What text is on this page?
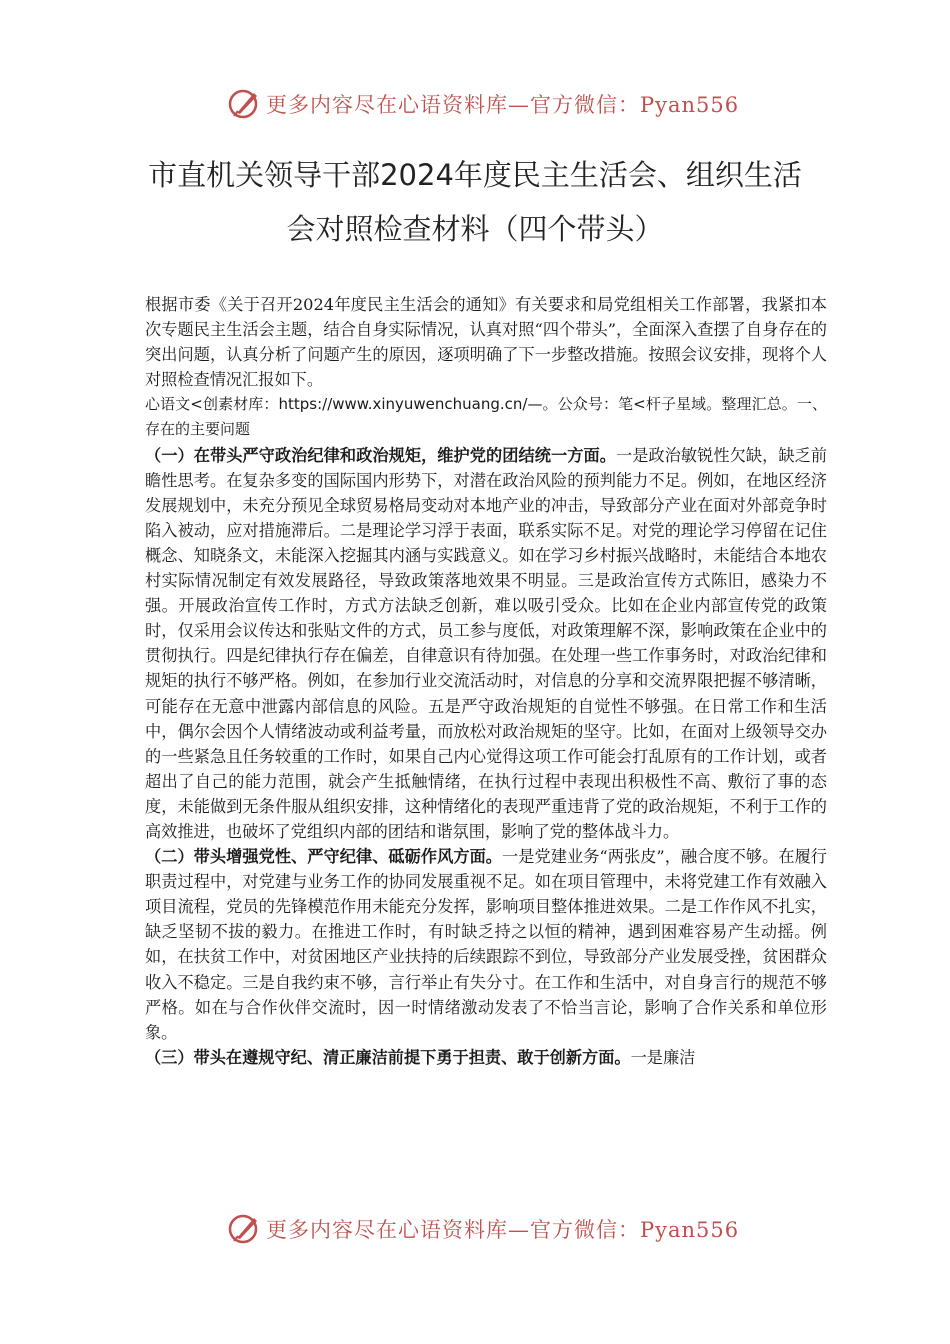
更多内容尽在心语资料库—官方微信：Pyan556
市直机关领导干部2024年度民主生活会、组织生活
会对照检查材料（四个带头）

根据市委《关于召开2024年度民主生活会的通知》有关要求和局党组相关工作部署，我紧扣本次专题民主生活会主题，结合自身实际情况，认真对照“四个带头”，全面深入查摆了自身存在的突出问题，认真分析了问题产生的原因，逐项明确了下一步整改措施。按照会议安排，现将个人对照检查情况汇报如下。

心语文<创素材库：https://www.xinyuwenchuang.cn/—。公众号：笔<杆子星域。整理汇总。一、存在的主要问题

（一）在带头严守政治纪律和政治规矩，维护党的团结统一方面。一是政治敏锐性欠缺，缺乏前瞻性思考。在复杂多变的国际国内形势下，对潜在政治风险的预判能力不足。例如，在地区经济发展规划中，未充分预见全球贸易格局变动对本地产业的冲击，导致部分产业在面对外部竞争时陷入被动，应对措施滞后。二是理论学习浮于表面，联系实际不足。对党的理论学习停留在记住概念、知晓条文，未能深入挖掘其内涵与实践意义。如在学习乡村振兴战略时，未能结合本地农村实际情况制定有效发展路径，导致政策落地效果不明显。三是政治宣传方式陈旧，感染力不强。开展政治宣传工作时，方式方法缺乏创新，难以吸引受众。比如在企业内部宣传党的政策时，仅采用会议传达和张贴文件的方式，员工参与度低，对政策理解不深，影响政策在企业中的贯彻执行。四是纪律执行存在偏差，自律意识有待加强。在处理一些工作事务时，对政治纪律和规矩的执行不够严格。例如，在参加行业交流活动时，对信息的分享和交流界限把握不够清晰，可能存在无意中泄露内部信息的风险。五是严守政治规矩的自觉性不够强。在日常工作和生活中，偶尔会因个人情绪波动或利益考量，而放松对政治规矩的坚守。比如，在面对上级领导交办的一些紧急且任务较重的工作时，如果自己内心觉得这项工作可能会打乱原有的工作计划，或者超出了自己的能力范围，就会产生抵触情绪，在执行过程中表现出积极性不高、敷衍了事的态度，未能做到无条件服从组织安排，这种情绪化的表现严重违背了党的政治规矩，不利于工作的高效推进，也破坏了党组织内部的团结和谐氛围，影响了党的整体战斗力。

（二）带头增强党性、严守纪律、砥砺作风方面。一是党建业务“两张皮”，融合度不够。在履行职责过程中，对党建与业务工作的协同发展重视不足。如在项目管理中，未将党建工作有效融入项目流程，党员的先锋模范作用未能充分发挥，影响项目整体推进效果。二是工作作风不扎实，缺乏坚韧不拔的毅力。在推进工作时，有时缺乏持之以恒的精神，遇到困难容易产生动摇。例如，在扶贫工作中，对贫困地区产业扶持的后续跟踪不到位，导致部分产业发展受挫，贫困群众收入不稳定。三是自我约束不够，言行举止有失分寸。在工作和生活中，对自身言行的规范不够严格。如在与合作伙伴交流时，因一时情绪激动发表了不恰当言论，影响了合作关系和单位形象。

（三）带头在遵规守纪、清正廉洁前提下勇于担责、敢于创新方面。一是廉洁

更多内容尽在心语资料库—官方微信：Pyan556
